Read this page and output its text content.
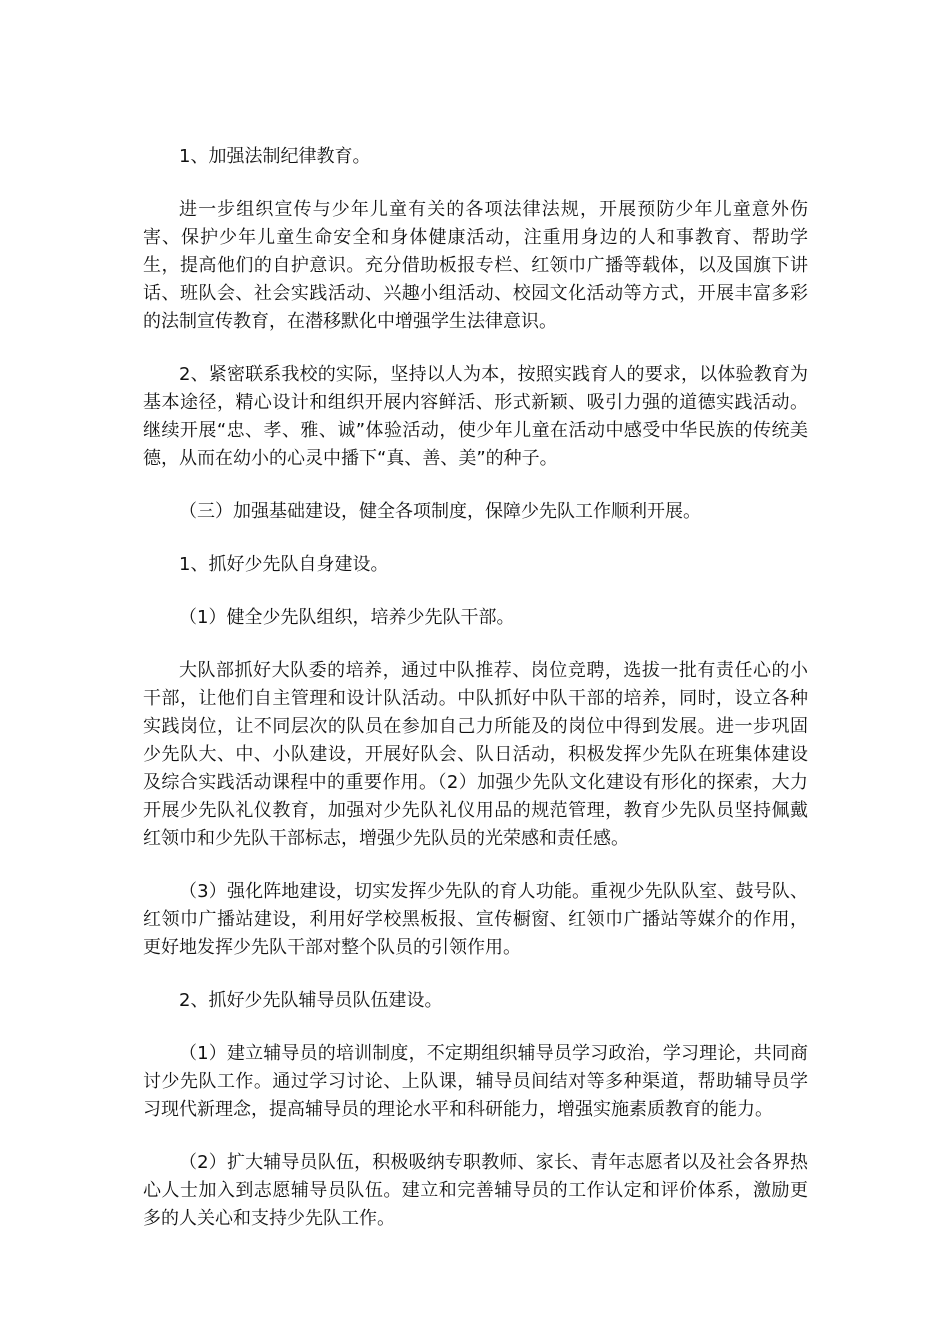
1、加强法制纪律教育。

进一步组织宣传与少年儿童有关的各项法律法规，开展预防少年儿童意外伤害、保护少年儿童生命安全和身体健康活动，注重用身边的人和事教育、帮助学生，提高他们的自护意识。充分借助板报专栏、红领巾广播等载体，以及国旗下讲话、班队会、社会实践活动、兴趣小组活动、校园文化活动等方式，开展丰富多彩的法制宣传教育，在潜移默化中增强学生法律意识。

2、紧密联系我校的实际，坚持以人为本，按照实践育人的要求，以体验教育为基本途径，精心设计和组织开展内容鲜活、形式新颖、吸引力强的道德实践活动。继续开展“忠、孝、雅、诚”体验活动，使少年儿童在活动中感受中华民族的传统美德，从而在幼小的心灵中播下“真、善、美”的种子。

（三）加强基础建设，健全各项制度，保障少先队工作顺利开展。

1、抓好少先队自身建设。

（1）健全少先队组织，培养少先队干部。

大队部抓好大队委的培养，通过中队推荐、岗位竞聘，选拔一批有责任心的小干部，让他们自主管理和设计队活动。中队抓好中队干部的培养，同时，设立各种实践岗位，让不同层次的队员在参加自己力所能及的岗位中得到发展。进一步巩固少先队大、中、小队建设，开展好队会、队日活动，积极发挥少先队在班集体建设及综合实践活动课程中的重要作用。（2）加强少先队文化建设有形化的探索，大力开展少先队礼仪教育，加强对少先队礼仪用品的规范管理，教育少先队员坚持佩戴红领巾和少先队干部标志，增强少先队员的光荣感和责任感。

（3）强化阵地建设，切实发挥少先队的育人功能。重视少先队队室、鼓号队、红领巾广播站建设，利用好学校黑板报、宣传橱窗、红领巾广播站等媒介的作用，更好地发挥少先队干部对整个队员的引领作用。

2、抓好少先队辅导员队伍建设。

（1）建立辅导员的培训制度，不定期组织辅导员学习政治，学习理论，共同商讨少先队工作。通过学习讨论、上队课，辅导员间结对等多种渠道，帮助辅导员学习现代新理念，提高辅导员的理论水平和科研能力，增强实施素质教育的能力。

（2）扩大辅导员队伍，积极吸纳专职教师、家长、青年志愿者以及社会各界热心人士加入到志愿辅导员队伍。建立和完善辅导员的工作认定和评价体系，激励更多的人关心和支持少先队工作。
